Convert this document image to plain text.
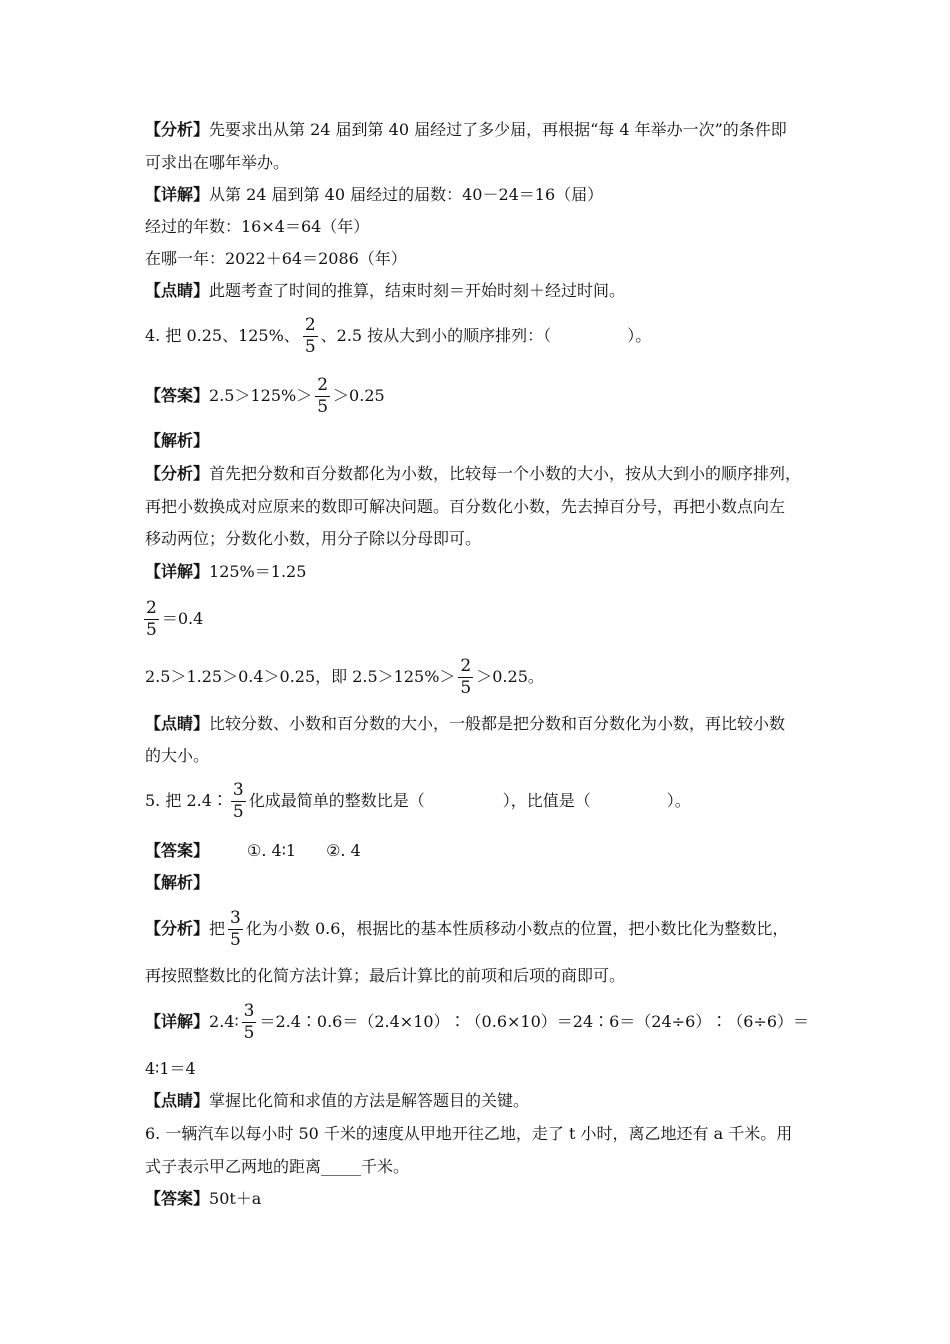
【分析】先要求出从第 24 届到第 40 届经过了多少届，再根据“每 4 年举办一次”的条件即
可求出在哪年举办。
【详解】从第 24 届到第 40 届经过的届数：40－24＝16（届）
经过的年数：16×4＝64（年）
在哪一年：2022＋64＝2086（年）
【点睛】此题考查了时间的推算，结束时刻＝开始时刻＋经过时间。
4. 把 0.25、125%、 $\frac{2}{5}$ 、2.5 按从大到小的顺序排列：（	）。
【答案】$2.5>125\%> \frac{2}{5} >0.25$
【解析】
【分析】首先把分数和百分数都化为小数，比较每一个小数的大小，按从大到小的顺序排列，
再把小数换成对应原来的数即可解决问题。百分数化小数，先去掉百分号，再把小数点向左
移动两位；分数化小数，用分子除以分母即可。
【详解】125%＝1.25
$\frac{2}{5} =0.4$
2.5＞1.25＞0.4＞0.25，即 $2.5>125\%> \frac{2}{5} >0.25$。
【点睛】比较分数、小数和百分数的大小，一般都是把分数和百分数化为小数，再比较小数
的大小。
5. 把 2.4∶ $\frac{3}{5}$ 化成最简单的整数比是（	），比值是（	）。
【答案】 ①. 4∶1 ②. 4
【解析】
【分析】把 $\frac{3}{5}$ 化为小数 0.6，根据比的基本性质移动小数点的位置，把小数比化为整数比，
再按照整数比的化简方法计算；最后计算比的前项和后项的商即可。
【详解】2.4∶ $\frac{3}{5}$ ＝2.4∶0.6＝（2.4×10）∶（0.6×10）＝24∶6＝（24÷6）∶（6÷6）＝
4∶1＝4
【点睛】掌握比化简和求值的方法是解答题目的关键。
6. 一辆汽车以每小时 50 千米的速度从甲地开往乙地，走了 t 小时，离乙地还有 a 千米。用
式子表示甲乙两地的距离_____千米。
【答案】50t＋a
